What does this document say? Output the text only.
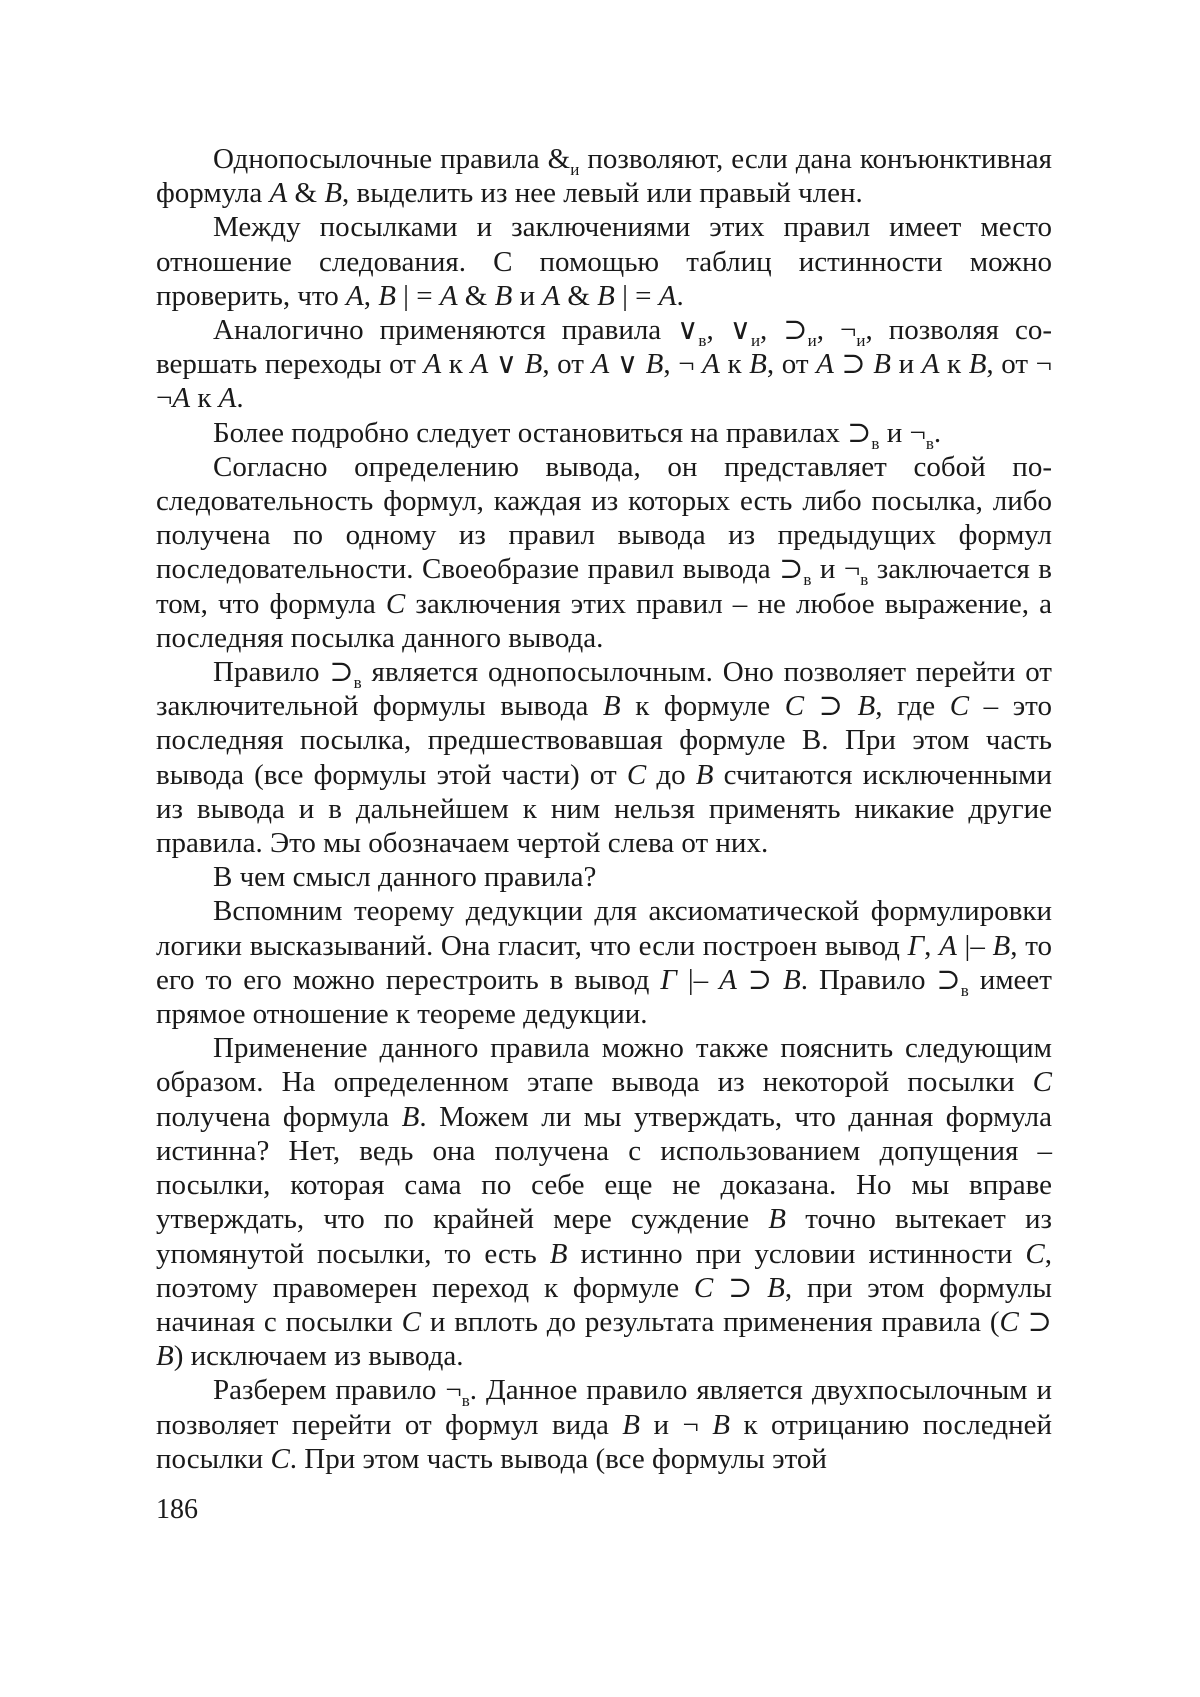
Однопосылочные правила $\&_и$ позволяют, если дана конъюнктивная формула A & B, выделить из нее левый или правый член.

Между посылками и заключениями этих правил имеет место отношение следования. С помощью таблиц истинности можно проверить, что A, B | = A & B и A & B | = A.

Аналогично применяются правила $\vee_в$, $\vee_и$, $⊃_и$, $\neg_и$, позволяя совершать переходы от A к A ∨ B, от A ∨ B, ¬ A к B, от A ⊃ B и A к B, от ¬ ¬A к A.

Более подробно следует остановиться на правилах $⊃_в$ и $\neg_в$.

Согласно определению вывода, он представляет собой последовательность формул, каждая из которых есть либо посылка, либо получена по одному из правил вывода из предыдущих формул последовательности. Своеобразие правил вывода $⊃_в$ и $\neg_в$ заключается в том, что формула C заключения этих правил – не любое выражение, а последняя посылка данного вывода.

Правило $⊃_в$ является однопосылочным. Оно позволяет перейти от заключительной формулы вывода B к формуле C ⊃ B, где C – это последняя посылка, предшествовавшая формуле В. При этом часть вывода (все формулы этой части) от C до B считаются исключенными из вывода и в дальнейшем к ним нельзя применять никакие другие правила. Это мы обозначаем чертой слева от них.

В чем смысл данного правила?

Вспомним теорему дедукции для аксиоматической формулировки логики высказываний. Она гласит, что если построен вывод Г, A |– B, то его то его можно перестроить в вывод Г |– A ⊃ B. Правило $⊃_в$ имеет прямое отношение к теореме дедукции.

Применение данного правила можно также пояснить следующим образом. На определенном этапе вывода из некоторой посылки C получена формула B. Можем ли мы утверждать, что данная формула истинна? Нет, ведь она получена с использованием допущения – посылки, которая сама по себе еще не доказана. Но мы вправе утверждать, что по крайней мере суждение B точно вытекает из упомянутой посылки, то есть B истинно при условии истинности C, поэтому правомерен переход к формуле C ⊃ B, при этом формулы начиная с посылки C и вплоть до результата применения правила (C ⊃ B) исключаем из вывода.

Разберем правило $\neg_в$. Данное правило является двухпосылочным и позволяет перейти от формул вида B и ¬ B к отрицанию последней посылки C. При этом часть вывода (все формулы этой

186
